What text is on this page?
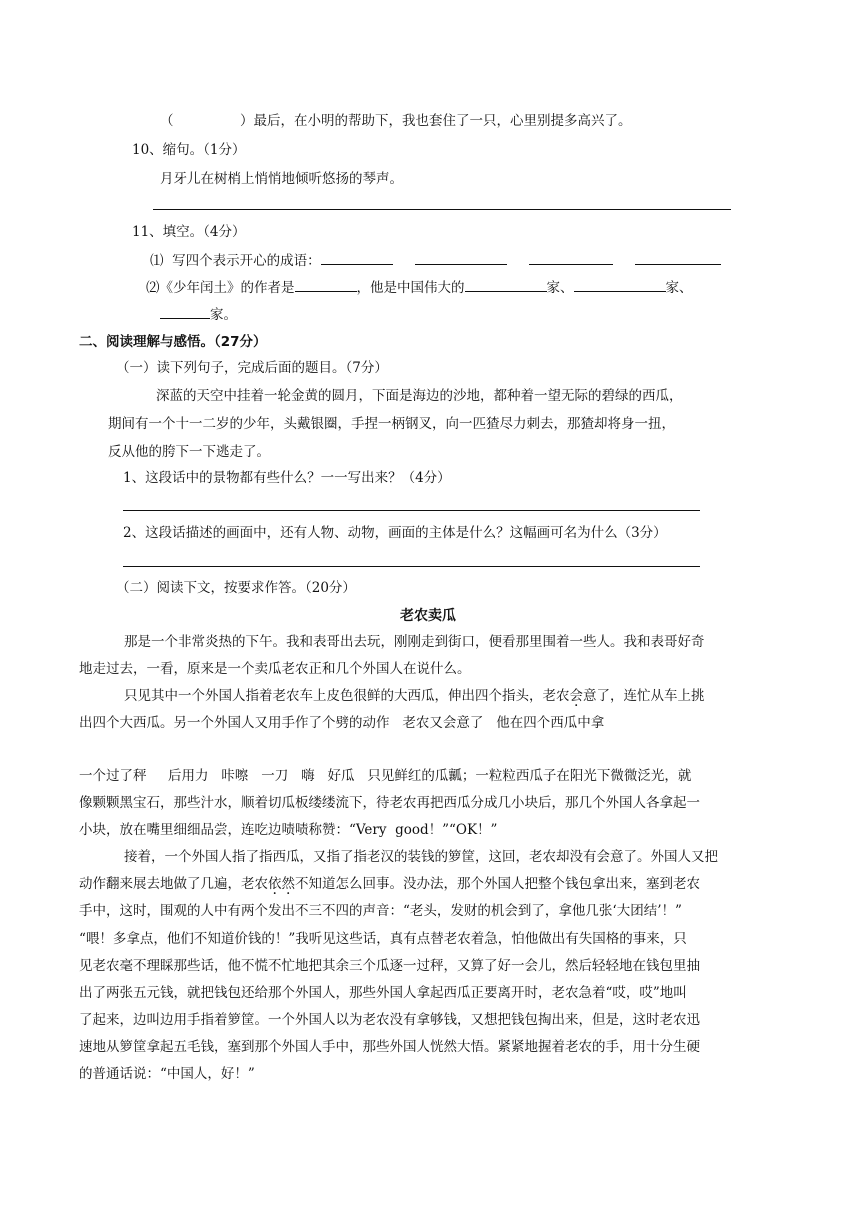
（	）最后，在小明的帮助下，我也套住了一只，心里别提多高兴了。
10、缩句。（1分）
月牙儿在树梢上悄悄地倾听悠扬的琴声。
11、填空。（4分）
⑴  写四个表示开心的成语：
⑵《少年闰土》的作者是	，他是中国伟大的	家、	家、
家。
二、阅读理解与感悟。（27分）
（一）读下列句子，完成后面的题目。（7分）
深蓝的天空中挂着一轮金黄的圆月，下面是海边的沙地，都种着一望无际的碧绿的西瓜，
期间有一个十一二岁的少年，头戴银圈，手捏一柄钢叉，向一匹猹尽力刺去，那猹却将身一扭，
反从他的胯下一下逃走了。
1、这段话中的景物都有些什么？一一写出来？（4分）
2、这段话描述的画面中，还有人物、动物，画面的主体是什么？这幅画可名为什么（3分）
（二）阅读下文，按要求作答。（20分）
老农卖瓜
那是一个非常炎热的下午。我和表哥出去玩，刚刚走到街口，便看那里围着一些人。我和表哥好奇
地走过去，一看，原来是一个卖瓜老农正和几个外国人在说什么。
只见其中一个外国人指着老农车上皮色很鲜的大西瓜，伸出四个指头，老农会意了，连忙从车上挑
出四个大西瓜。另一个外国人又用手作了个劈的动作   老农又会意了   他在四个西瓜中拿
一个过了秤     后用力   咔嚓   一刀   嗨   好瓜   只见鲜红的瓜瓤；一粒粒西瓜子在阳光下微微泛光，就
像颗颗黑宝石，那些汁水，顺着切瓜板缕缕流下，待老农再把西瓜分成几小块后，那几个外国人各拿起一
小块，放在嘴里细细品尝，连吃边啧啧称赞：“Very  good！”“OK！”
接着，一个外国人指了指西瓜，又指了指老汉的装钱的箩筐，这回，老农却没有会意了。外国人又把
动作翻来展去地做了几遍，老农依然不知道怎么回事。没办法，那个外国人把整个钱包拿出来，塞到老农
手中，这时，围观的人中有两个发出不三不四的声音：“老头，发财的机会到了，拿他几张‘大团结’！”
“喂！多拿点，他们不知道价钱的！”我听见这些话，真有点替老农着急，怕他做出有失国格的事来，只
见老农毫不理睬那些话，他不慌不忙地把其余三个瓜逐一过秤，又算了好一会儿，然后轻轻地在钱包里抽
出了两张五元钱，就把钱包还给那个外国人，那些外国人拿起西瓜正要离开时，老农急着“哎，哎”地叫
了起来，边叫边用手指着箩筐。一个外国人以为老农没有拿够钱，又想把钱包掏出来，但是，这时老农迅
速地从箩筐拿起五毛钱，塞到那个外国人手中，那些外国人恍然大悟。紧紧地握着老农的手，用十分生硬
的普通话说：“中国人，好！”
